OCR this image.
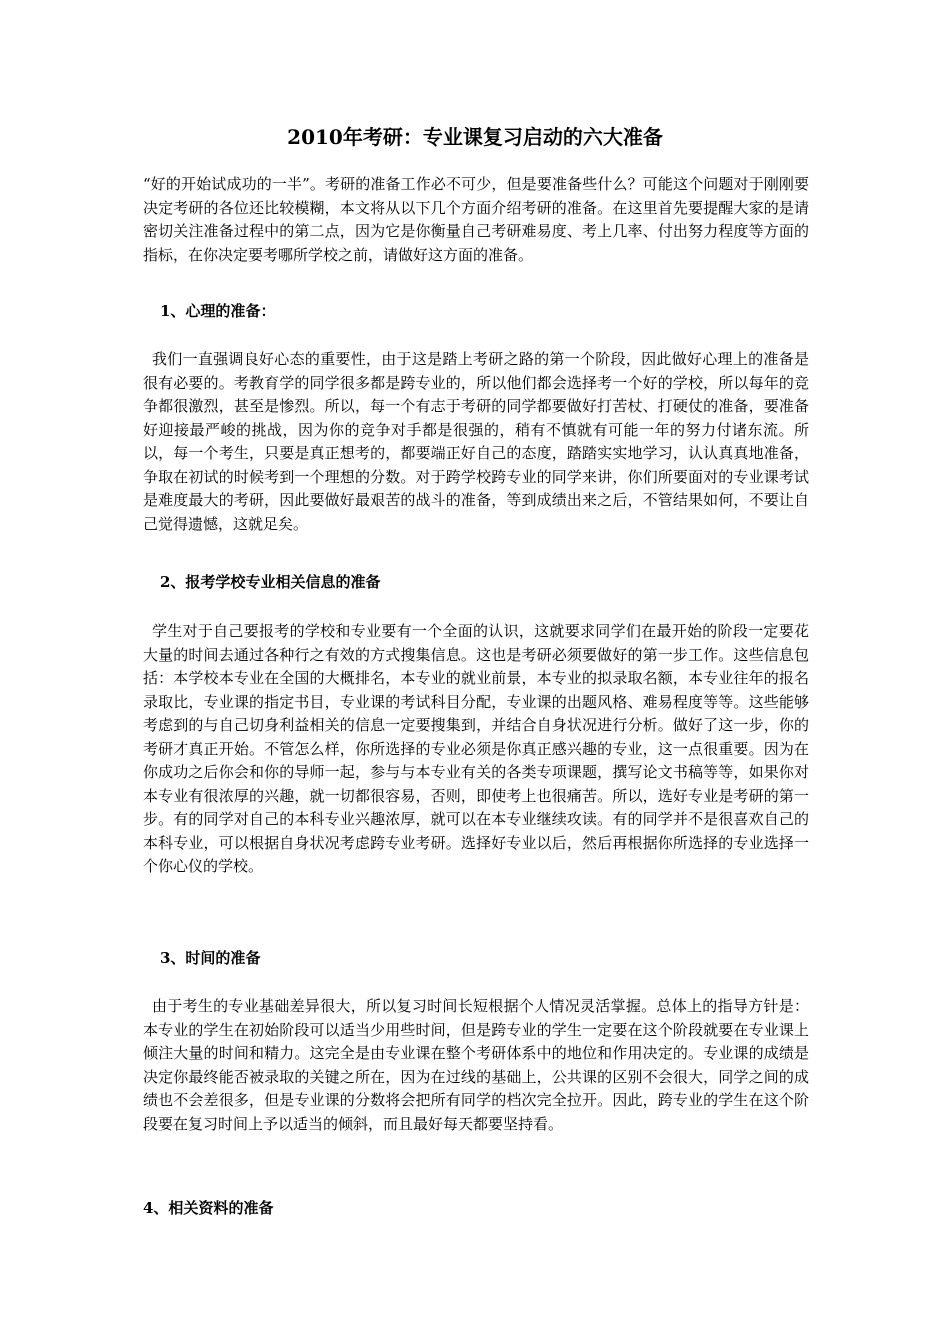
2010年考研：专业课复习启动的六大准备

“好的开始试成功的一半”。考研的准备工作必不可少，但是要准备些什么？可能这个问题对于刚刚要决定考研的各位还比较模糊，本文将从以下几个方面介绍考研的准备。在这里首先要提醒大家的是请密切关注准备过程中的第二点，因为它是你衡量自己考研难易度、考上几率、付出努力程度等方面的指标，在你决定要考哪所学校之前，请做好这方面的准备。

1、心理的准备：

我们一直强调良好心态的重要性，由于这是踏上考研之路的第一个阶段，因此做好心理上的准备是很有必要的。考教育学的同学很多都是跨专业的，所以他们都会选择考一个好的学校，所以每年的竞争都很激烈，甚至是惨烈。所以，每一个有志于考研的同学都要做好打苦杖、打硬仗的准备，要准备好迎接最严峻的挑战，因为你的竞争对手都是很强的，稍有不慎就有可能一年的努力付诸东流。所以，每一个考生，只要是真正想考的，都要端正好自己的态度，踏踏实实地学习，认认真真地准备，争取在初试的时候考到一个理想的分数。对于跨学校跨专业的同学来讲，你们所要面对的专业课考试是难度最大的考研，因此要做好最艰苦的战斗的准备，等到成绩出来之后，不管结果如何，不要让自己觉得遗憾，这就足矣。

2、报考学校专业相关信息的准备

学生对于自己要报考的学校和专业要有一个全面的认识，这就要求同学们在最开始的阶段一定要花大量的时间去通过各种行之有效的方式搜集信息。这也是考研必须要做好的第一步工作。这些信息包括：本学校本专业在全国的大概排名，本专业的就业前景，本专业的拟录取名额，本专业往年的报名录取比，专业课的指定书目，专业课的考试科目分配，专业课的出题风格、难易程度等等。这些能够考虑到的与自己切身利益相关的信息一定要搜集到，并结合自身状况进行分析。做好了这一步，你的考研才真正开始。不管怎么样，你所选择的专业必须是你真正感兴趣的专业，这一点很重要。因为在你成功之后你会和你的导师一起，参与与本专业有关的各类专项课题，撰写论文书稿等等，如果你对本专业有很浓厚的兴趣，就一切都很容易，否则，即使考上也很痛苦。所以，选好专业是考研的第一步。有的同学对自己的本科专业兴趣浓厚，就可以在本专业继续攻读。有的同学并不是很喜欢自己的本科专业，可以根据自身状况考虑跨专业考研。选择好专业以后，然后再根据你所选择的专业选择一个你心仪的学校。

3、时间的准备

由于考生的专业基础差异很大，所以复习时间长短根据个人情况灵活掌握。总体上的指导方针是：本专业的学生在初始阶段可以适当少用些时间，但是跨专业的学生一定要在这个阶段就要在专业课上倾注大量的时间和精力。这完全是由专业课在整个考研体系中的地位和作用决定的。专业课的成绩是决定你最终能否被录取的关键之所在，因为在过线的基础上，公共课的区别不会很大，同学之间的成绩也不会差很多，但是专业课的分数将会把所有同学的档次完全拉开。因此，跨专业的学生在这个阶段要在复习时间上予以适当的倾斜，而且最好每天都要坚持看。

4、相关资料的准备
